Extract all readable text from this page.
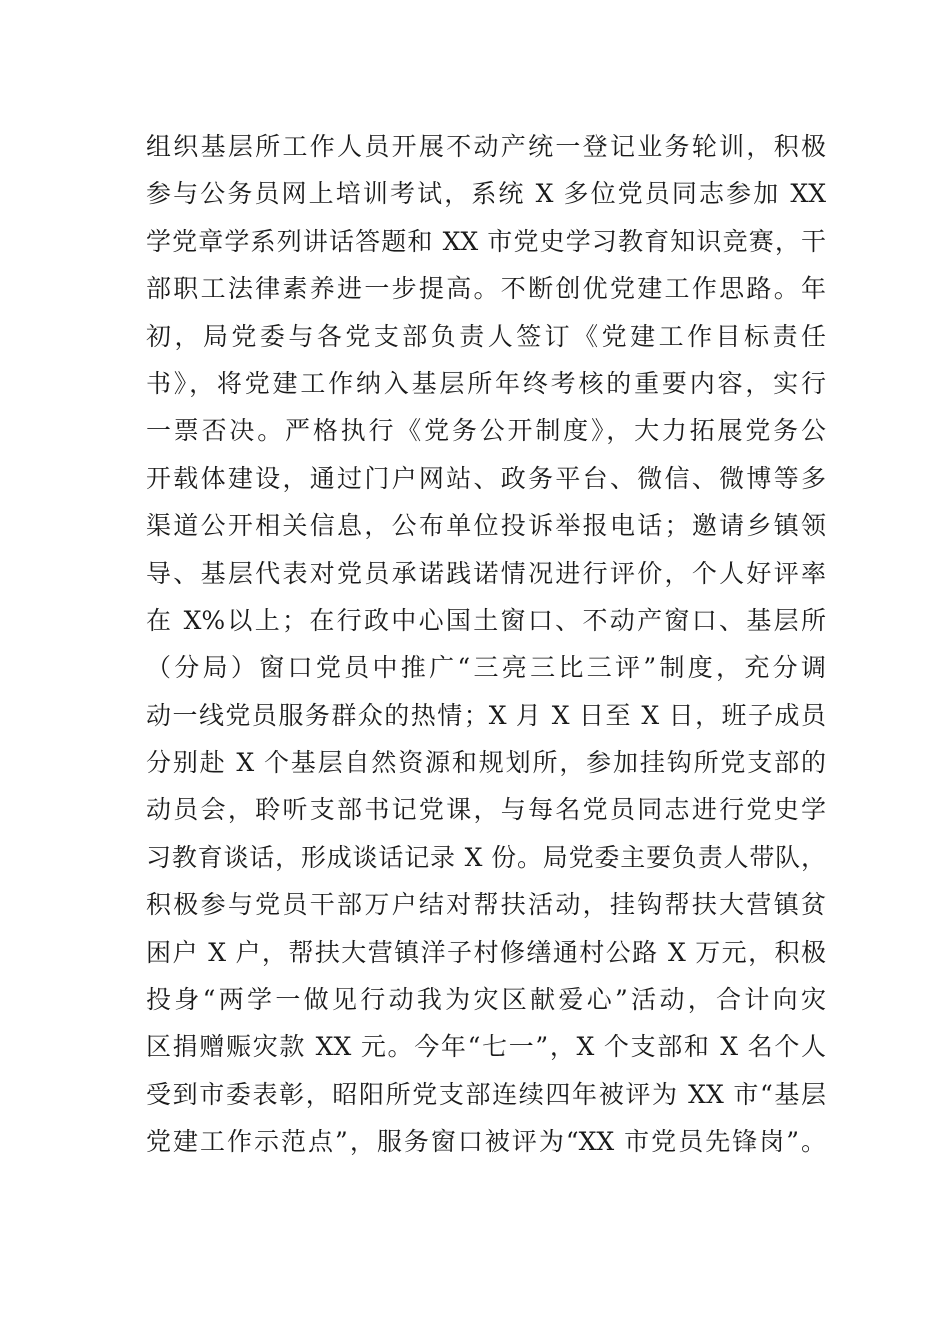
组织基层所工作人员开展不动产统一登记业务轮训，积极
参与公务员网上培训考试，系统 X 多位党员同志参加 XX
学党章学系列讲话答题和 XX 市党史学习教育知识竞赛，干
部职工法律素养进一步提高。不断创优党建工作思路。年
初，局党委与各党支部负责人签订《党建工作目标责任
书》，将党建工作纳入基层所年终考核的重要内容，实行
一票否决。严格执行《党务公开制度》，大力拓展党务公
开载体建设，通过门户网站、政务平台、微信、微博等多
渠道公开相关信息，公布单位投诉举报电话；邀请乡镇领
导、基层代表对党员承诺践诺情况进行评价，个人好评率
在 X%以上；在行政中心国土窗口、不动产窗口、基层所
（分局）窗口党员中推广“三亮三比三评”制度，充分调
动一线党员服务群众的热情；X 月 X 日至 X 日，班子成员
分别赴 X 个基层自然资源和规划所，参加挂钩所党支部的
动员会，聆听支部书记党课，与每名党员同志进行党史学
习教育谈话，形成谈话记录 X 份。局党委主要负责人带队，
积极参与党员干部万户结对帮扶活动，挂钩帮扶大营镇贫
困户 X 户，帮扶大营镇洋子村修缮通村公路 X 万元，积极
投身“两学一做见行动我为灾区献爱心”活动，合计向灾
区捐赠赈灾款 XX 元。今年“七一”，X 个支部和 X 名个人
受到市委表彰，昭阳所党支部连续四年被评为 XX 市“基层
党建工作示范点”，服务窗口被评为“XX 市党员先锋岗”。
